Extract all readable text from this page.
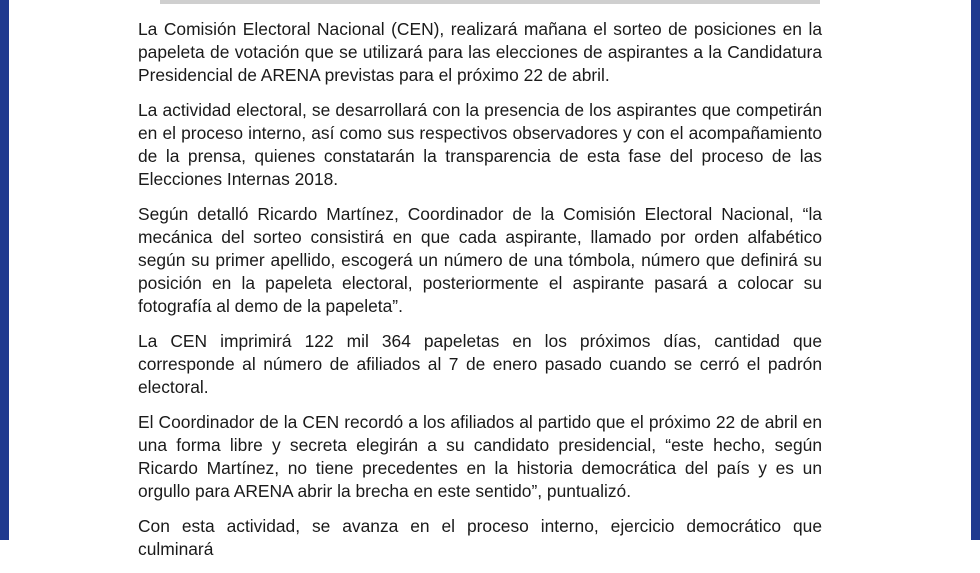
La Comisión Electoral Nacional (CEN), realizará mañana el sorteo de posiciones en la papeleta de votación que se utilizará para las elecciones de aspirantes a la Candidatura Presidencial de ARENA previstas para el próximo 22 de abril.

La actividad electoral, se desarrollará con la presencia de los aspirantes que competirán en el proceso interno, así como sus respectivos observadores y con el acompañamiento de la prensa, quienes constatarán la transparencia de esta fase del proceso de las Elecciones Internas 2018.

Según detalló Ricardo Martínez, Coordinador de la Comisión Electoral Nacional, “la mecánica del sorteo consistirá en que cada aspirante, llamado por orden alfabético según su primer apellido, escogerá un número de una tómbola, número que definirá su posición en la papeleta electoral, posteriormente el aspirante pasará a colocar su fotografía al demo de la papeleta”.

La CEN imprimirá 122 mil 364 papeletas en los próximos días, cantidad que corresponde al número de afiliados al 7 de enero pasado cuando se cerró el padrón electoral.

El Coordinador de la CEN recordó a los afiliados al partido que el próximo 22 de abril en una forma libre y secreta elegirán a su candidato presidencial, “este hecho, según Ricardo Martínez, no tiene precedentes en la historia democrática del país y es un orgullo para ARENA abrir la brecha en este sentido”, puntualizó.

Con esta actividad, se avanza en el proceso interno, ejercicio democrático que culminará
